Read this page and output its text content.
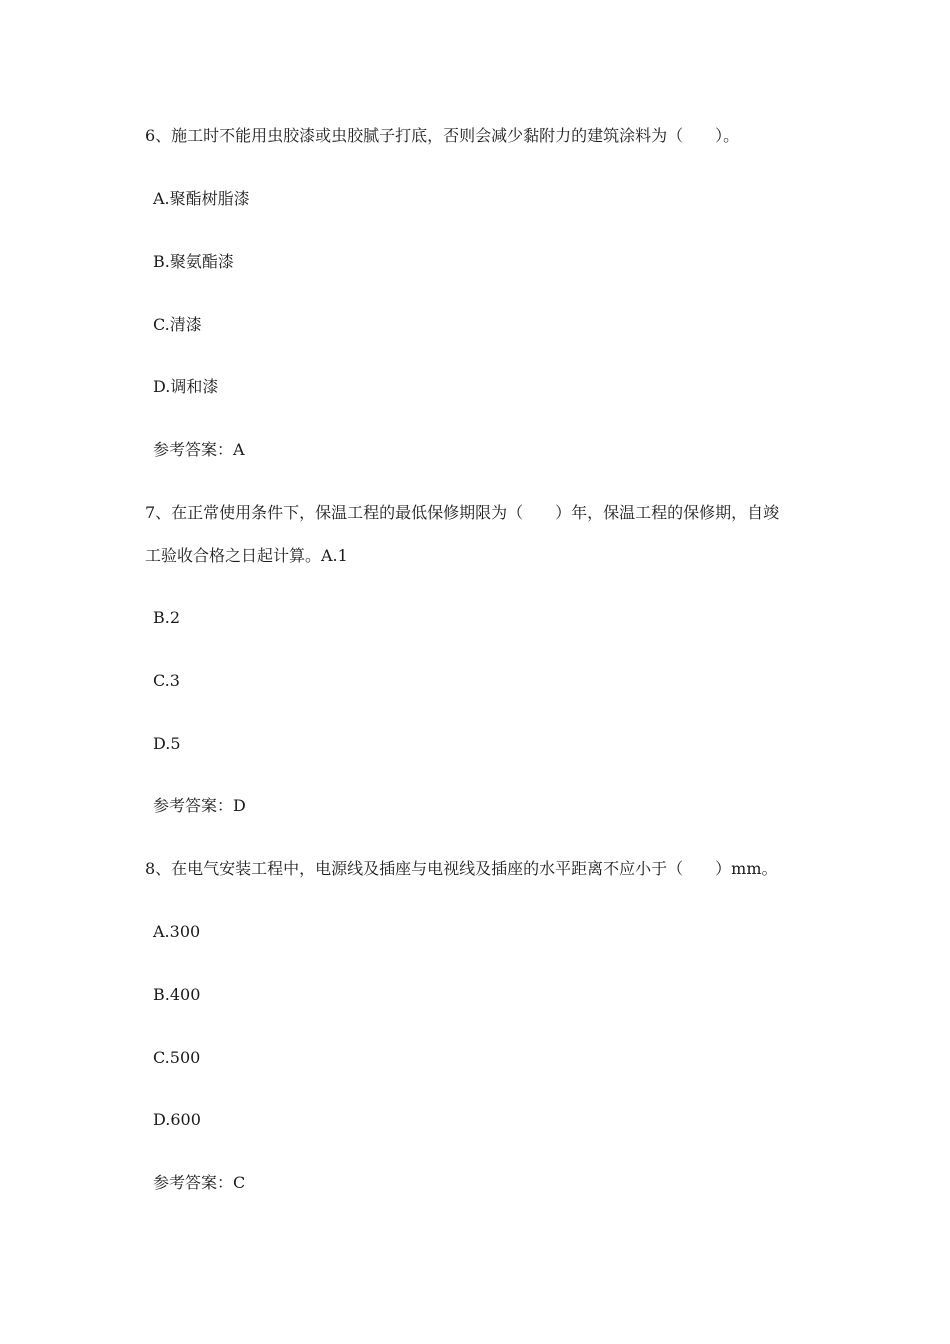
6、施工时不能用虫胶漆或虫胶腻子打底，否则会减少黏附力的建筑涂料为（　　）。
A.聚酯树脂漆
B.聚氨酯漆
C.清漆
D.调和漆
参考答案：A
7、在正常使用条件下，保温工程的最低保修期限为（　　）年，保温工程的保修期，自竣
工验收合格之日起计算。A.1
B.2
C.3
D.5
参考答案：D
8、在电气安装工程中，电源线及插座与电视线及插座的水平距离不应小于（　　）mm。
A.300
B.400
C.500
D.600
参考答案：C
